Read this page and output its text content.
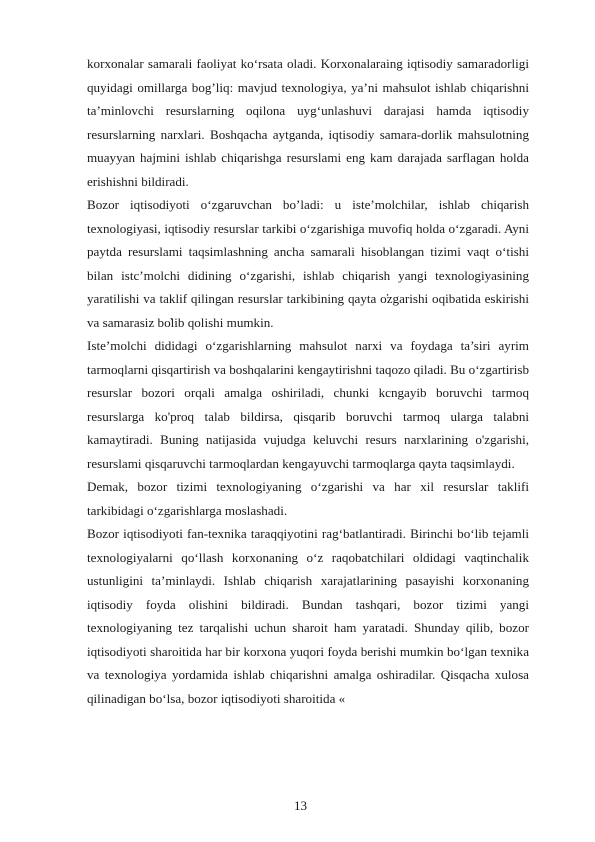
korxonalar samarali faoliyat ko‘rsata oladi. Korxonalaraing iqtisodiy samaradorligi quyidagi omillarga bog’liq: mavjud texnologiya, ya’ni mahsulot ishlab chiqarishni ta’minlovchi resurslarning oqilona uyg‘unlashuvi darajasi hamda iqtisodiy resurslarning narxlari. Boshqacha aytganda, iqtisodiy samara-dorlik mahsulotning muayyan hajmini ishlab chiqarishga resurslami eng kam darajada sarflagan holda erishishni bildiradi.

Bozor iqtisodiyoti o‘zgaruvchan bo’ladi: u iste’molchilar, ishlab chiqarish texnologiyasi, iqtisodiy resurslar tarkibi o‘zgarishiga muvofiq holda o‘zgaradi. Ayni paytda resurslami taqsimlashning ancha samarali hisoblangan tizimi vaqt o‘tishi bilan istc’molchi didining o‘zgarishi, ishlab chiqarish yangi texnologiyasining yaratilishi va taklif qilingan resurslar tarkibining qayta o̕zgarishi oqibatida eskirishi va samarasiz bo̕lib qolishi mumkin.

Iste’molchi dididagi o‘zgarishlarning mahsulot narxi va foydaga ta’siri ayrim tarmoqlarni qisqartirish va boshqalarini kengaytirishni taqozo qiladi. Bu o‘zgartirisb resurslar bozori orqali amalga oshiriladi, chunki kcngayib boruvchi tarmoq resurslarga ko'proq talab bildirsa, qisqarib boruvchi tarmoq ularga talabni kamaytiradi. Buning natijasida vujudga keluvchi resurs narxlarining o'zgarishi, resurslami qisqaruvchi tarmoqlardan kengayuvchi tarmoqlarga qayta taqsimlaydi.

Demak, bozor tizimi texnologiyaning o‘zgarishi va har xil resurslar taklifi tarkibidagi o‘zgarishlarga moslashadi.

Bozor iqtisodiyoti fan-texnika taraqqiyotini rag‘batlantiradi. Birinchi bo‘lib tejamli texnologiyalarni qo‘llash korxonaning o‘z raqobatchilari oldidagi vaqtinchalik ustunligini ta’minlaydi. Ishlab chiqarish xarajatlarining pasayishi korxonaning iqtisodiy foyda olishini bildiradi. Bundan tashqari, bozor tizimi yangi texnologiyaning tez tarqalishi uchun sharoit ham yaratadi. Shunday qilib, bozor iqtisodiyoti sharoitida har bir korxona yuqori foyda berishi mumkin bo‘lgan texnika va texnologiya yordamida ishlab chiqarishni amalga oshiradilar. Qisqacha xulosa qilinadigan bo‘lsa, bozor iqtisodiyoti sharoitida «

13
